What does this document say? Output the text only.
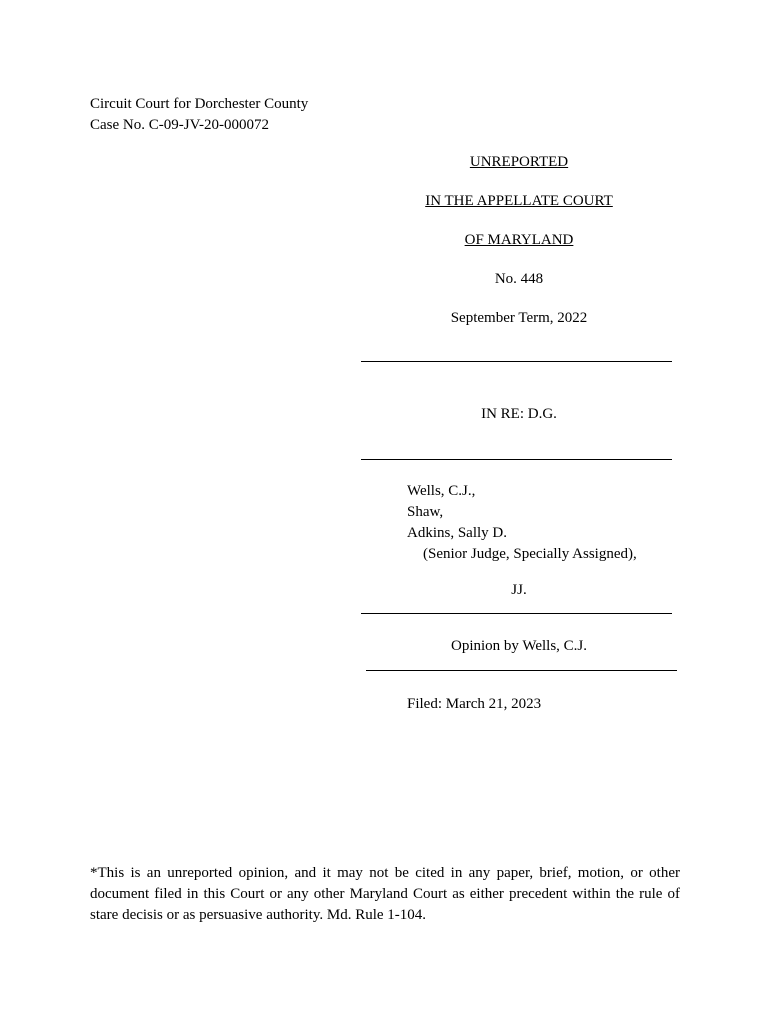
Circuit Court for Dorchester County
Case No. C-09-JV-20-000072
UNREPORTED
IN THE APPELLATE COURT
OF MARYLAND
No. 448
September Term, 2022
IN RE: D.G.
Wells, C.J.,
Shaw,
Adkins, Sally D.
(Senior Judge, Specially Assigned),
JJ.
Opinion by Wells, C.J.
Filed: March 21, 2023
*This is an unreported opinion, and it may not be cited in any paper, brief, motion, or other document filed in this Court or any other Maryland Court as either precedent within the rule of stare decisis or as persuasive authority. Md. Rule 1-104.
